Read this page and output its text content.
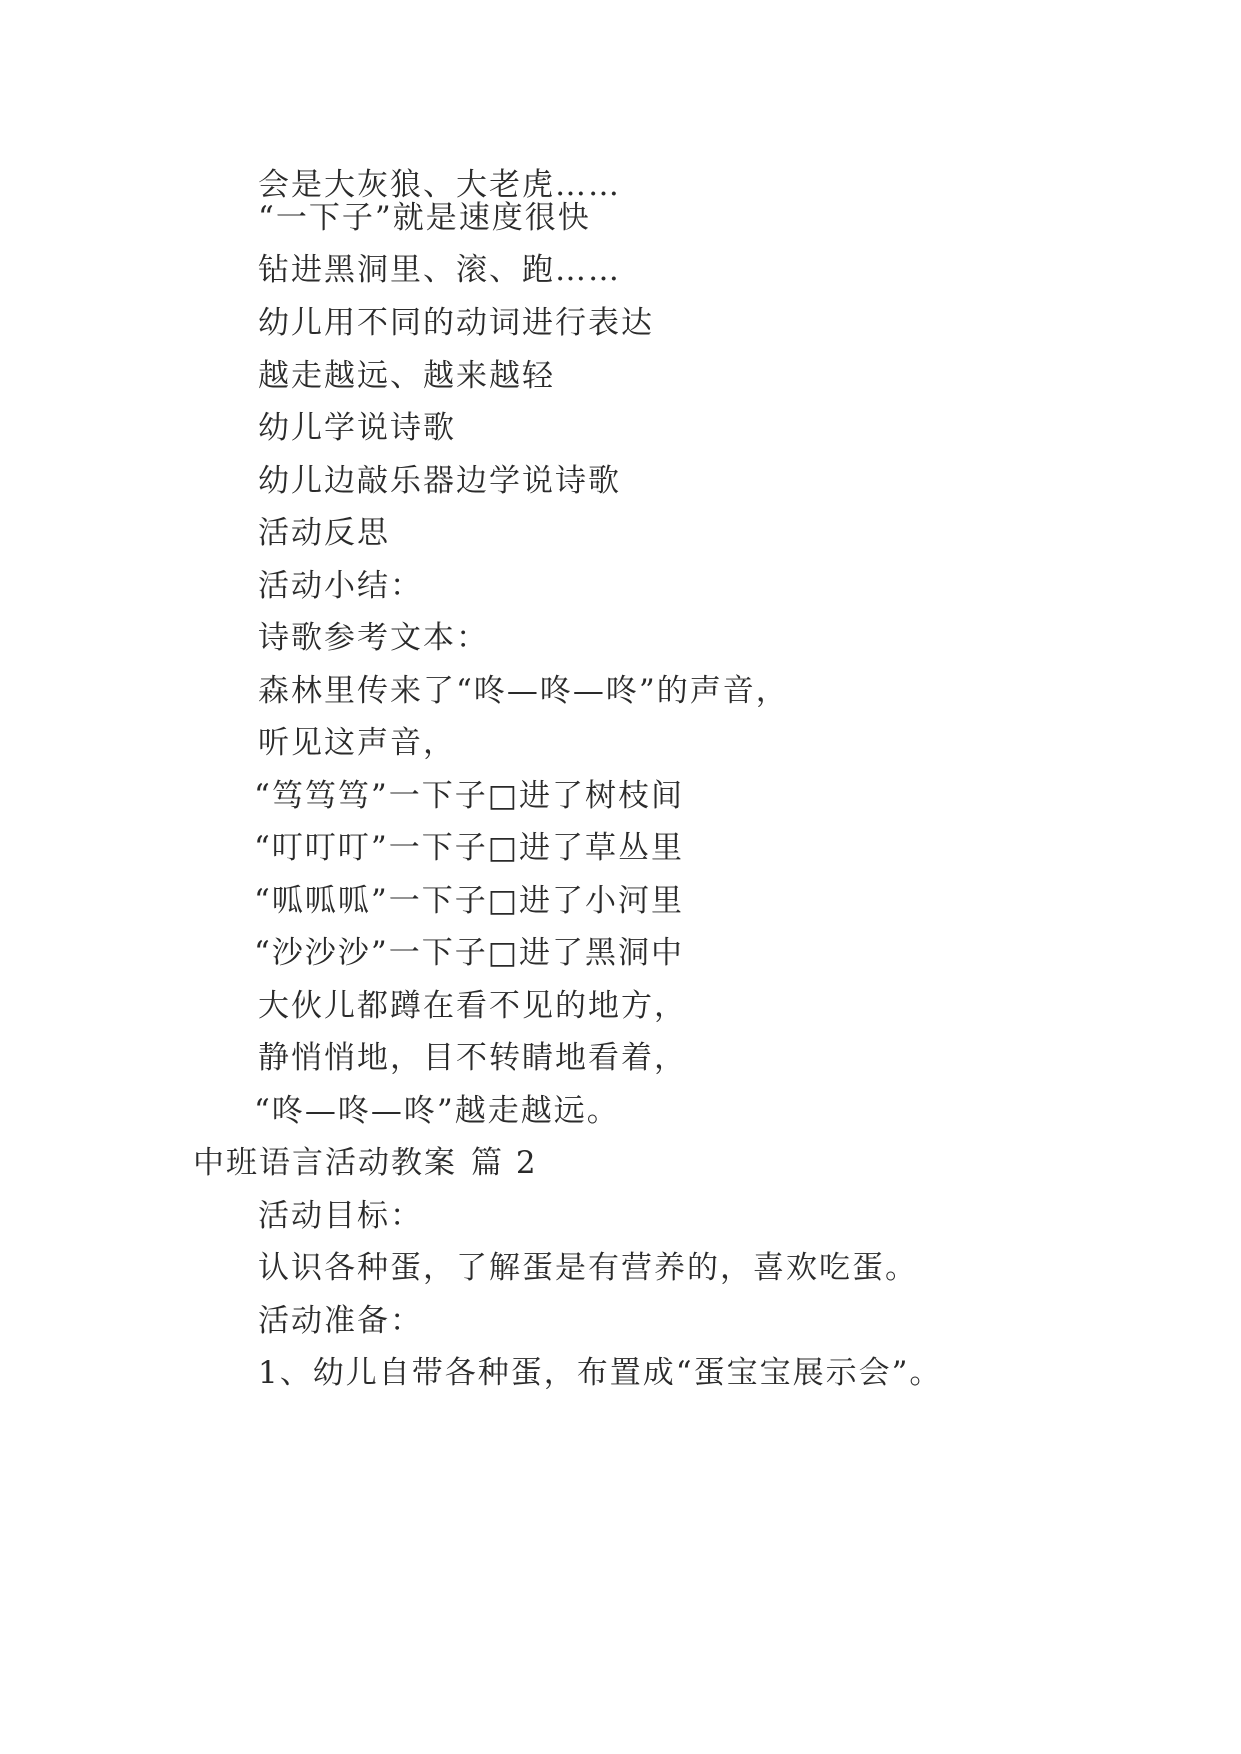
会是大灰狼、大老虎……
“一下子”就是速度很快
钻进黑洞里、滚、跑……
幼儿用不同的动词进行表达
越走越远、越来越轻
幼儿学说诗歌
幼儿边敲乐器边学说诗歌
活动反思
活动小结：
诗歌参考文本：
森林里传来了“咚—咚—咚”的声音，
听见这声音，
“笃笃笃”一下子□进了树枝间
“叮叮叮”一下子□进了草丛里
“呱呱呱”一下子□进了小河里
“沙沙沙”一下子□进了黑洞中
大伙儿都蹲在看不见的地方，
静悄悄地，目不转睛地看着，
“咚—咚—咚”越走越远。
中班语言活动教案 篇 2
活动目标：
认识各种蛋，了解蛋是有营养的，喜欢吃蛋。
活动准备：
1、幼儿自带各种蛋，布置成“蛋宝宝展示会”。
